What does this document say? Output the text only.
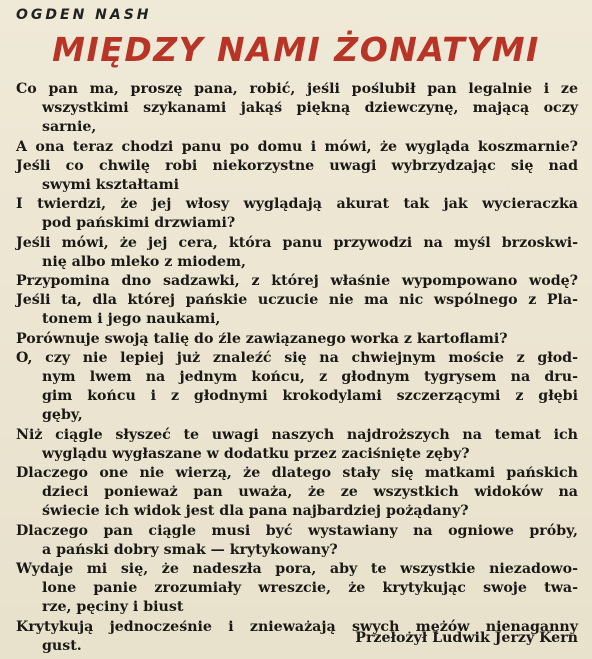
OGDEN NASH
MIĘDZY NAMI ŻONATYMI
Co pan ma, proszę pana, robić, jeśli poślubił pan legalnie i ze
wszystkimi szykanami jakąś piękną dziewczynę, mającą oczy
sarnie,
A ona teraz chodzi panu po domu i mówi, że wygląda koszmarnie?
Jeśli co chwilę robi niekorzystne uwagi wybrzydzając się nad
swymi kształtami
I twierdzi, że jej włosy wyglądają akurat tak jak wycieraczka
pod pańskimi drzwiami?
Jeśli mówi, że jej cera, która panu przywodzi na myśl brzoskwi-
nię albo mleko z miodem,
Przypomina dno sadzawki, z której właśnie wypompowano wodę?
Jeśli ta, dla której pańskie uczucie nie ma nic wspólnego z Pla-
tonem i jego naukami,
Porównuje swoją talię do źle zawiązanego worka z kartoflami?
O, czy nie lepiej już znaleźć się na chwiejnym moście z głod-
nym lwem na jednym końcu, z głodnym tygrysem na dru-
gim końcu i z głodnymi krokodylami szczerzącymi z głębi
gęby,
Niż ciągle słyszeć te uwagi naszych najdroższych na temat ich
wyglądu wygłaszane w dodatku przez zaciśnięte zęby?
Dlaczego one nie wierzą, że dlatego stały się matkami pańskich
dzieci ponieważ pan uważa, że ze wszystkich widoków na
świecie ich widok jest dla pana najbardziej pożądany?
Dlaczego pan ciągle musi być wystawiany na ogniowe próby,
a pański dobry smak — krytykowany?
Wydaje mi się, że nadeszła pora, aby te wszystkie niezadowo-
lone panie zrozumiały wreszcie, że krytykując swoje twa-
rze, pęciny i biust
Krytykują jednocześnie i znieważają swych mężów nienaganny
gust.	Przełożył Ludwik Jerzy Kern
